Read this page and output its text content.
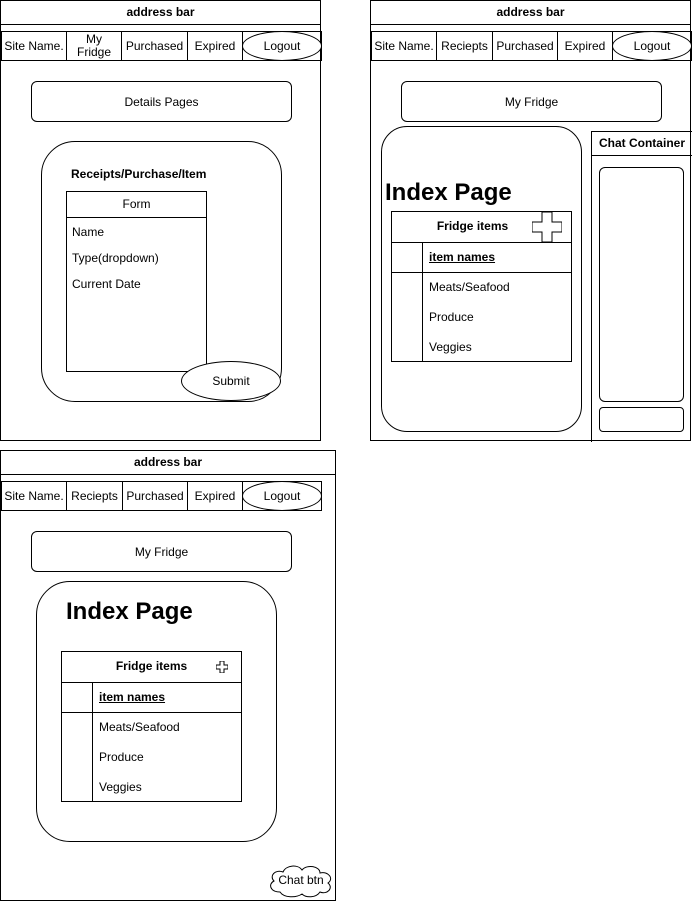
address bar
Site Name.	My Fridge	Purchased Expired	Logout
Details Pages
Receipts/Purchase/Item
Form
Name
Type(dropdown)
Current Date
Submit
address bar
Site Name. Reciepts Purchased Expired	Logout
My Fridge
Index Page
Fridge items
item names
Meats/Seafood
Produce
Veggies
Chat Container
address bar
Site Name. Reciepts Purchased Expired	Logout
My Fridge
Index Page
Fridge items
item names
Meats/Seafood
Produce
Veggies
Chat btn
